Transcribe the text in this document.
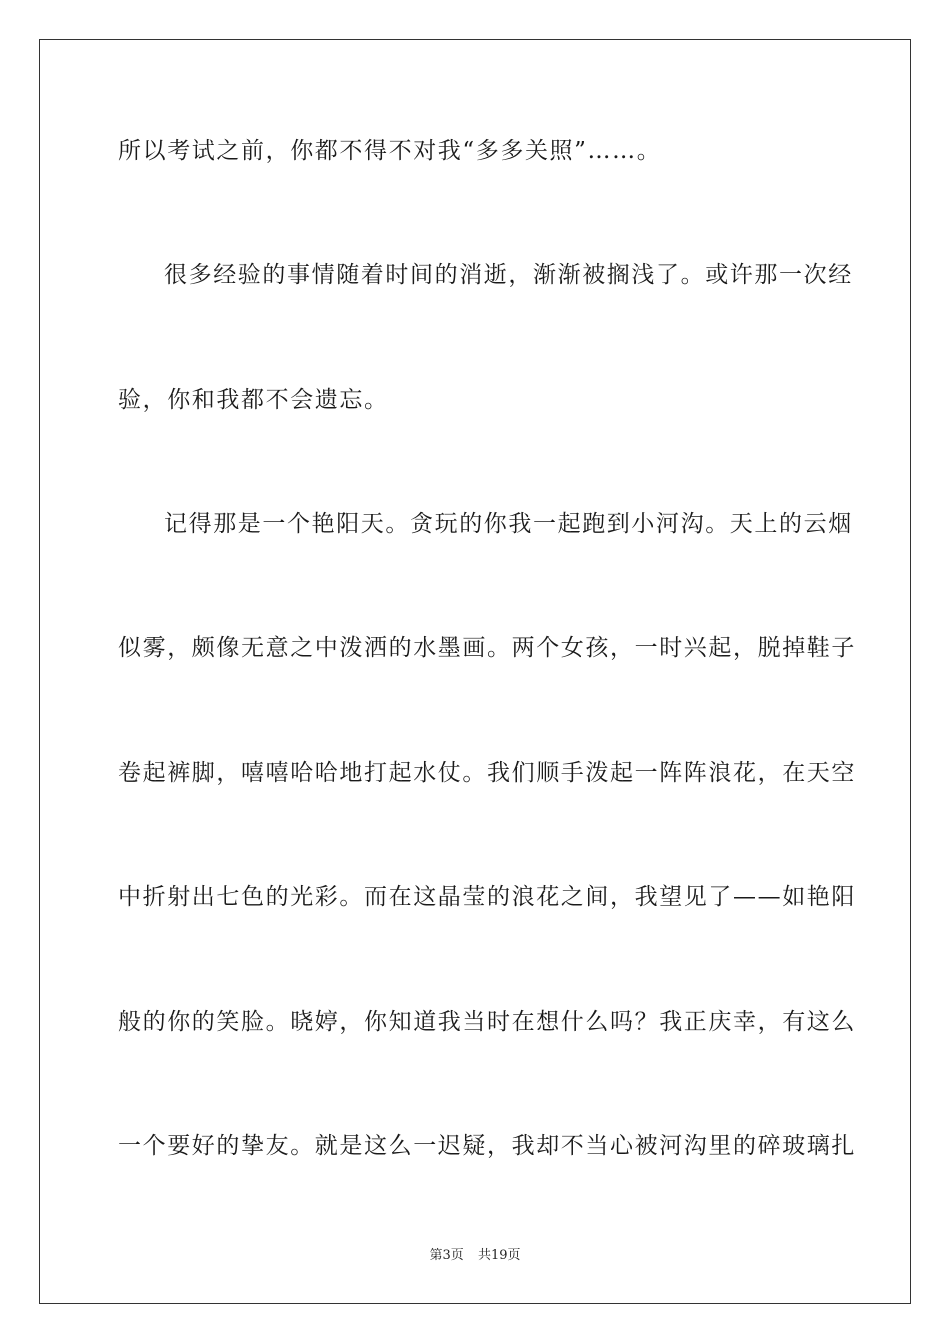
所以考试之前，你都不得不对我“多多关照”……。
很多经验的事情随着时间的消逝，渐渐被搁浅了。或许那一次经
验，你和我都不会遗忘。
记得那是一个艳阳天。贪玩的你我一起跑到小河沟。天上的云烟
似雾，颇像无意之中泼洒的水墨画。两个女孩，一时兴起，脱掉鞋子
卷起裤脚，嘻嘻哈哈地打起水仗。我们顺手泼起一阵阵浪花，在天空
中折射出七色的光彩。而在这晶莹的浪花之间，我望见了——如艳阳
般的你的笑脸。晓婷，你知道我当时在想什么吗？我正庆幸，有这么
一个要好的挚友。就是这么一迟疑，我却不当心被河沟里的碎玻璃扎
第3页 共19页
